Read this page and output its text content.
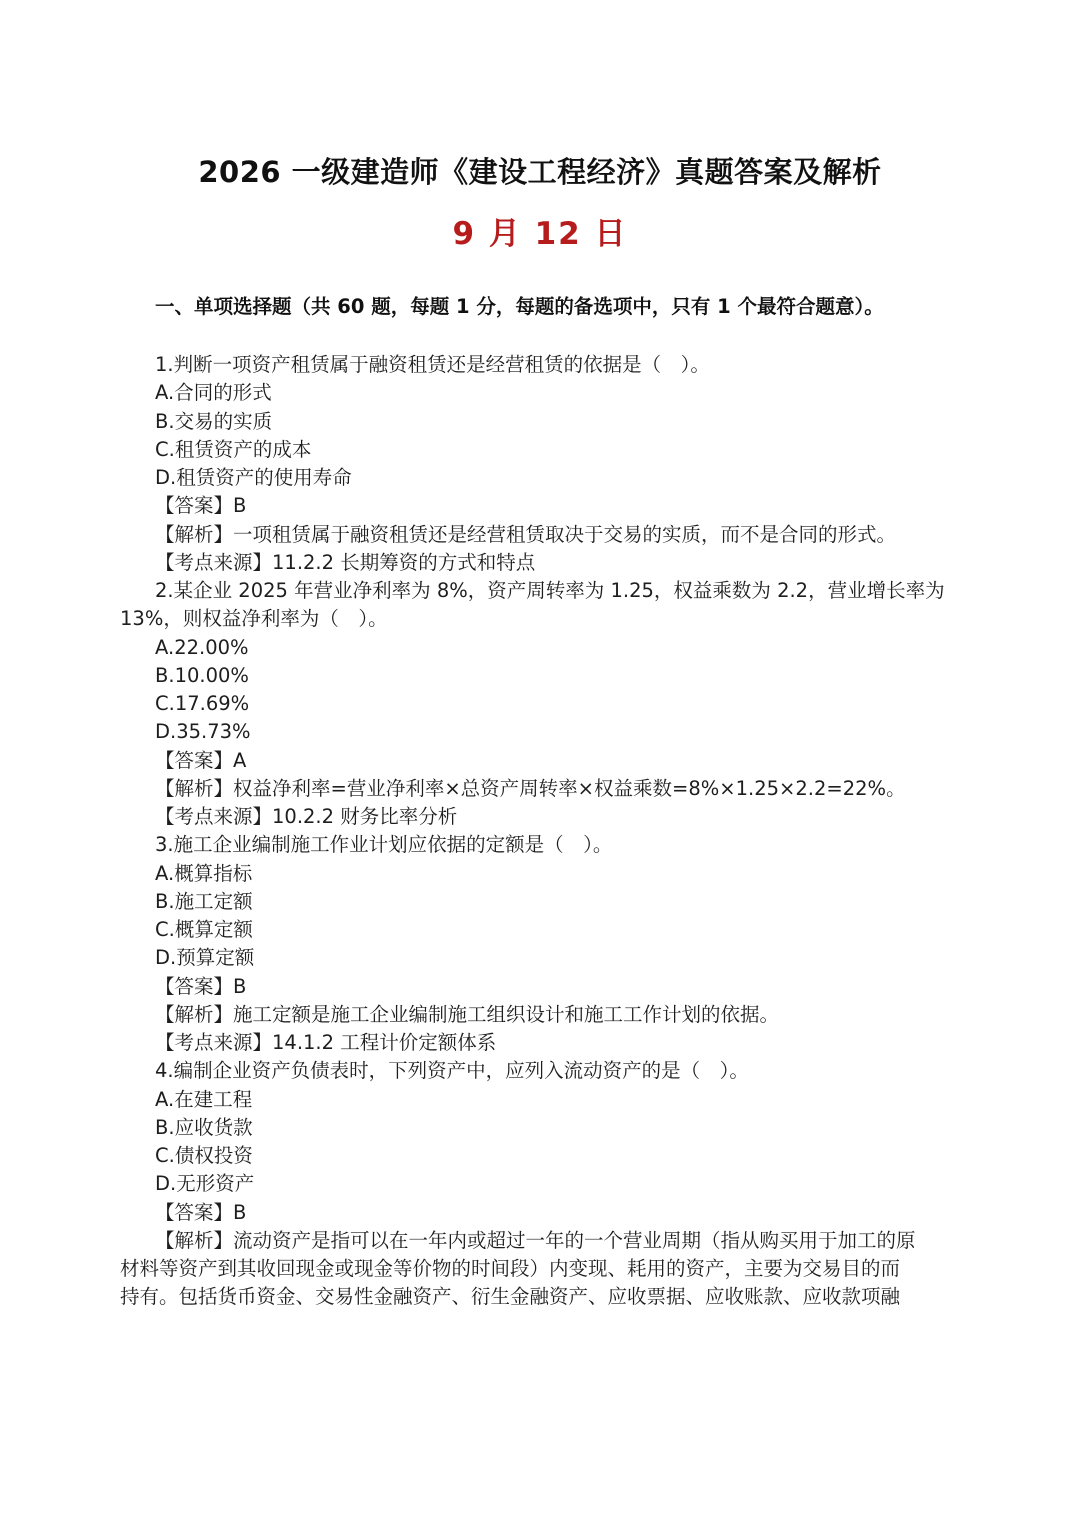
2026 一级建造师《建设工程经济》真题答案及解析
9 月 12 日
一、单项选择题（共 60 题，每题 1 分，每题的备选项中，只有 1 个最符合题意）。
1.判断一项资产租赁属于融资租赁还是经营租赁的依据是（　）。
A.合同的形式
B.交易的实质
C.租赁资产的成本
D.租赁资产的使用寿命
【答案】B
【解析】一项租赁属于融资租赁还是经营租赁取决于交易的实质，而不是合同的形式。
【考点来源】11.2.2 长期筹资的方式和特点
2.某企业 2025 年营业净利率为 8%，资产周转率为 1.25，权益乘数为 2.2，营业增长率为
13%，则权益净利率为（　）。
A.22.00%
B.10.00%
C.17.69%
D.35.73%
【答案】A
【解析】权益净利率=营业净利率×总资产周转率×权益乘数=8%×1.25×2.2=22%。
【考点来源】10.2.2 财务比率分析
3.施工企业编制施工作业计划应依据的定额是（　）。
A.概算指标
B.施工定额
C.概算定额
D.预算定额
【答案】B
【解析】施工定额是施工企业编制施工组织设计和施工工作计划的依据。
【考点来源】14.1.2 工程计价定额体系
4.编制企业资产负债表时，下列资产中，应列入流动资产的是（　）。
A.在建工程
B.应收货款
C.债权投资
D.无形资产
【答案】B
【解析】流动资产是指可以在一年内或超过一年的一个营业周期（指从购买用于加工的原
材料等资产到其收回现金或现金等价物的时间段）内变现、耗用的资产，主要为交易目的而
持有。包括货币资金、交易性金融资产、衍生金融资产、应收票据、应收账款、应收款项融
